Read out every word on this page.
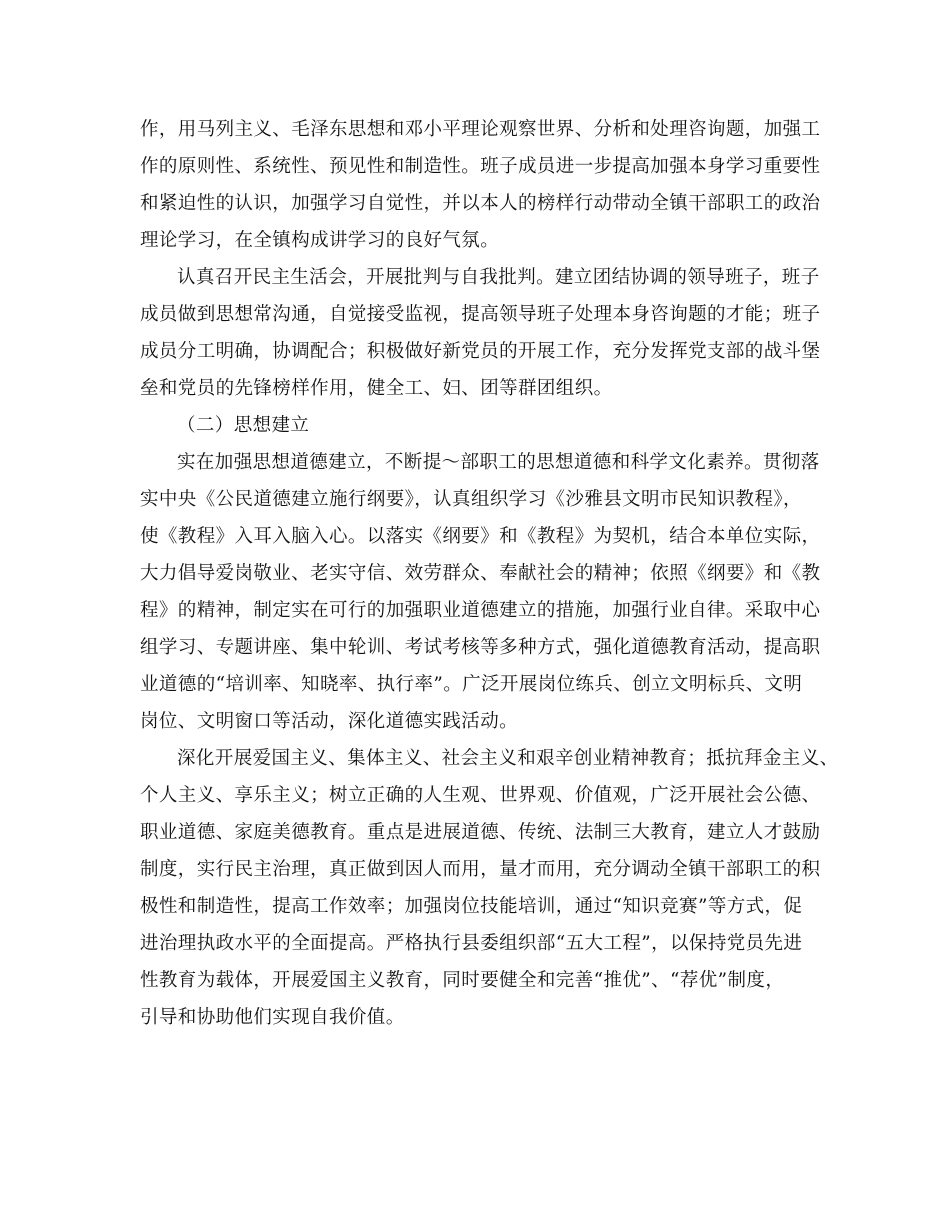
作，用马列主义、毛泽东思想和邓小平理论观察世界、分析和处理咨询题，加强工
作的原则性、系统性、预见性和制造性。班子成员进一步提高加强本身学习重要性
和紧迫性的认识，加强学习自觉性，并以本人的榜样行动带动全镇干部职工的政治
理论学习，在全镇构成讲学习的良好气氛。
认真召开民主生活会，开展批判与自我批判。建立团结协调的领导班子，班子
成员做到思想常沟通，自觉接受监视，提高领导班子处理本身咨询题的才能；班子
成员分工明确，协调配合；积极做好新党员的开展工作，充分发挥党支部的战斗堡
垒和党员的先锋榜样作用，健全工、妇、团等群团组织。
（二）思想建立
实在加强思想道德建立，不断提～部职工的思想道德和科学文化素养。贯彻落
实中央《公民道德建立施行纲要》，认真组织学习《沙雅县文明市民知识教程》，
使《教程》入耳入脑入心。以落实《纲要》和《教程》为契机，结合本单位实际，
大力倡导爱岗敬业、老实守信、效劳群众、奉献社会的精神；依照《纲要》和《教
程》的精神，制定实在可行的加强职业道德建立的措施，加强行业自律。采取中心
组学习、专题讲座、集中轮训、考试考核等多种方式，强化道德教育活动，提高职
业道德的“培训率、知晓率、执行率”。广泛开展岗位练兵、创立文明标兵、文明
岗位、文明窗口等活动，深化道德实践活动。
深化开展爱国主义、集体主义、社会主义和艰辛创业精神教育；抵抗拜金主义、
个人主义、享乐主义；树立正确的人生观、世界观、价值观，广泛开展社会公德、
职业道德、家庭美德教育。重点是进展道德、传统、法制三大教育，建立人才鼓励
制度，实行民主治理，真正做到因人而用，量才而用，充分调动全镇干部职工的积
极性和制造性，提高工作效率；加强岗位技能培训，通过“知识竞赛”等方式，促
进治理执政水平的全面提高。严格执行县委组织部“五大工程”，以保持党员先进
性教育为载体，开展爱国主义教育，同时要健全和完善“推优”、“荐优”制度，
引导和协助他们实现自我价值。
